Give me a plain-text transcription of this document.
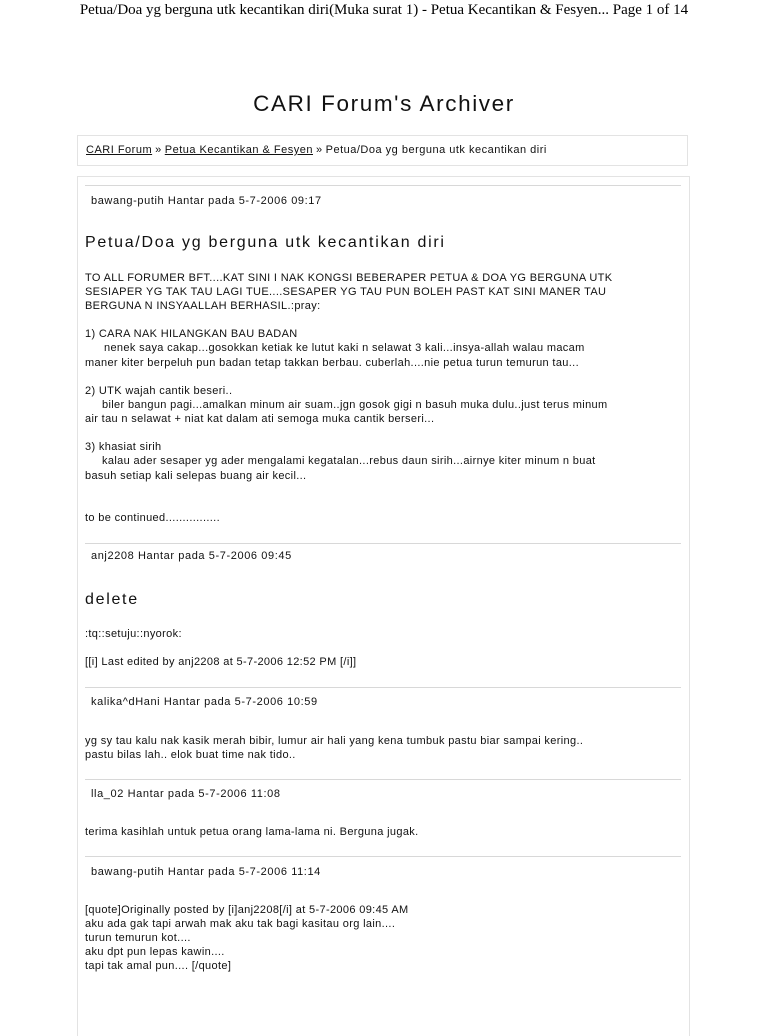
Petua/Doa yg berguna utk kecantikan diri(Muka surat 1) - Petua Kecantikan & Fesyen... Page 1 of 14
CARI Forum's Archiver
CARI Forum » Petua Kecantikan & Fesyen » Petua/Doa yg berguna utk kecantikan diri
bawang-putih Hantar pada 5-7-2006 09:17
Petua/Doa yg berguna utk kecantikan diri
TO ALL FORUMER BFT....KAT SINI I NAK KONGSI BEBERAPER PETUA & DOA YG BERGUNA UTK
SESIAPER YG TAK TAU LAGI TUE....SESAPER YG TAU PUN BOLEH PAST KAT SINI MANER TAU
BERGUNA N INSYAALLAH BERHASIL.:pray:
1) CARA NAK HILANGKAN BAU BADAN
nenek saya cakap...gosokkan ketiak ke lutut kaki n selawat 3 kali...insya-allah walau macam
maner kiter berpeluh pun badan tetap takkan berbau. cuberlah....nie petua turun temurun tau...
2) UTK wajah cantik beseri..
biler bangun pagi...amalkan minum air suam..jgn gosok gigi n basuh muka dulu..just terus minum
air tau n selawat + niat kat dalam ati semoga muka cantik berseri...
3) khasiat sirih
kalau ader sesaper yg ader mengalami kegatalan...rebus daun sirih...airnye kiter minum n buat
basuh setiap kali selepas buang air kecil...
to be continued................
anj2208 Hantar pada 5-7-2006 09:45
delete
:tq::setuju::nyorok:
[[i] Last edited by anj2208 at 5-7-2006 12:52 PM [/i]]
kalika^dHani Hantar pada 5-7-2006 10:59
yg sy tau kalu nak kasik merah bibir, lumur air hali yang kena tumbuk pastu biar sampai kering..
pastu bilas lah.. elok buat time nak tido..
lla_02 Hantar pada 5-7-2006 11:08
terima kasihlah untuk petua orang lama-lama ni. Berguna jugak.
bawang-putih Hantar pada 5-7-2006 11:14
[quote]Originally posted by [i]anj2208[/i] at 5-7-2006 09:45 AM
aku ada gak tapi arwah mak aku tak bagi kasitau org lain....
turun temurun kot....
aku dpt pun lepas kawin....
tapi tak amal pun.... [/quote]
